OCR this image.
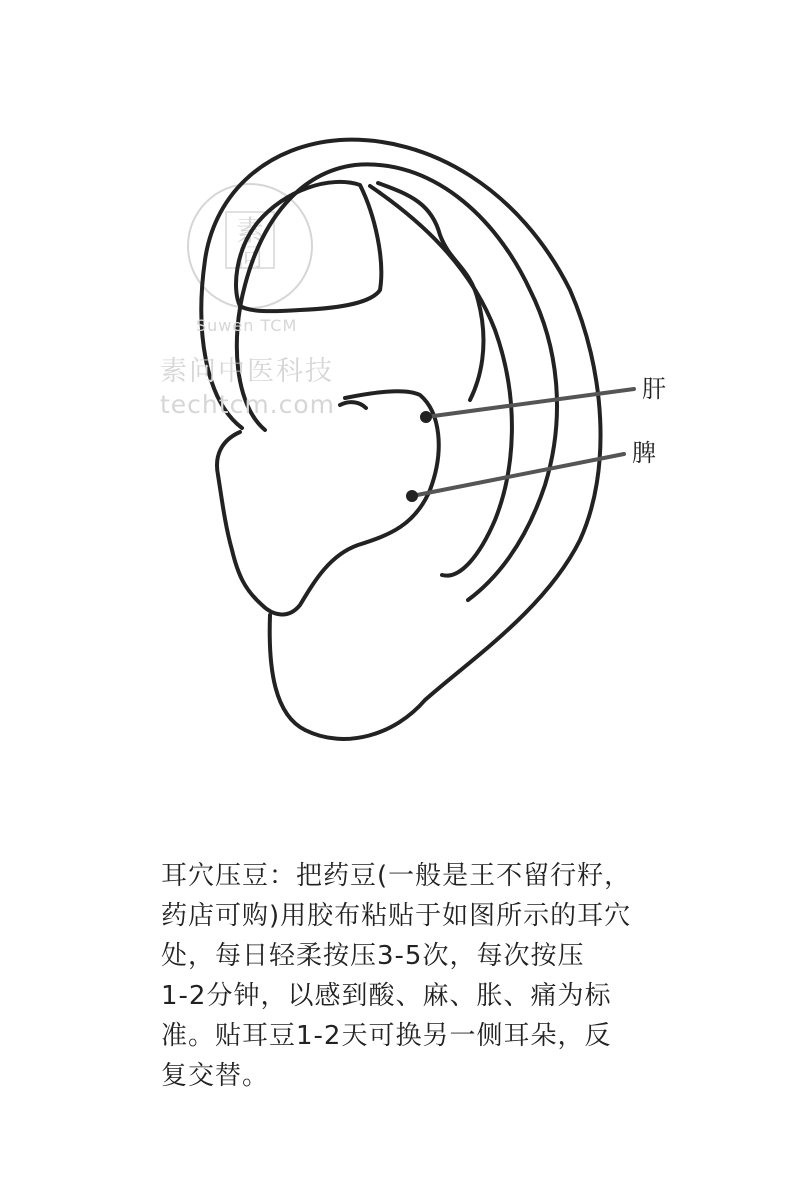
素
问
肝
脾
Suwen TCM
素问中医科技
techtcm.com
耳穴压豆：把药豆(一般是王不留行籽，
药店可购)用胶布粘贴于如图所示的耳穴
处，每日轻柔按压3-5次，每次按压
1-2分钟，以感到酸、麻、胀、痛为标
准。贴耳豆1-2天可换另一侧耳朵，反
复交替。
